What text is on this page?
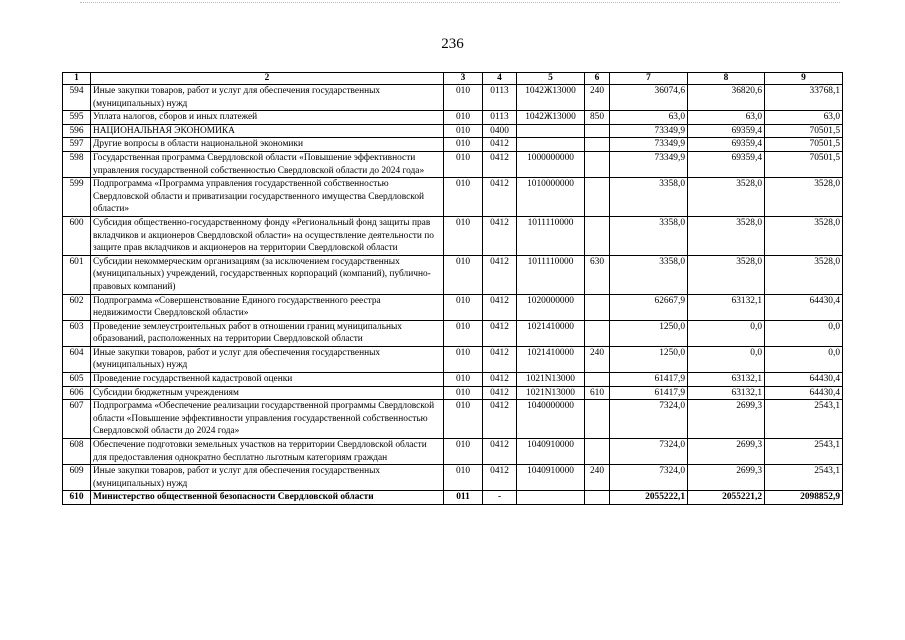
236
1	2	3	4	5	6	7	8	9
594	Иные закупки товаров, работ и услуг для обеспечения государственных (муниципальных) нужд	010	0113	1042Ж13000	240	36074,6	36820,6	33768,1
595	Уплата налогов, сборов и иных платежей	010	0113	1042Ж13000	850	63,0	63,0	63,0
596	НАЦИОНАЛЬНАЯ ЭКОНОМИКА	010	0400			73349,9	69359,4	70501,5
597	Другие вопросы в области национальной экономики	010	0412			73349,9	69359,4	70501,5
598	Государственная программа Свердловской области «Повышение эффективности управления государственной собственностью Свердловской области до 2024 года»	010	0412	1000000000		73349,9	69359,4	70501,5
599	Подпрограмма «Программа управления государственной собственностью Свердловской области и приватизации государственного имущества Свердловской области»	010	0412	1010000000		3358,0	3528,0	3528,0
600	Субсидия общественно-государственному фонду «Региональный фонд защиты прав вкладчиков и акционеров Свердловской области» на осуществление деятельности по защите прав вкладчиков и акционеров на территории Свердловской области	010	0412	1011110000		3358,0	3528,0	3528,0
601	Субсидии некоммерческим организациям (за исключением государственных (муниципальных) учреждений, государственных корпораций (компаний), публично-правовых компаний)	010	0412	1011110000	630	3358,0	3528,0	3528,0
602	Подпрограмма «Совершенствование Единого государственного реестра недвижимости Свердловской области»	010	0412	1020000000		62667,9	63132,1	64430,4
603	Проведение землеустроительных работ в отношении границ муниципальных образований, расположенных на территории Свердловской области	010	0412	1021410000		1250,0	0,0	0,0
604	Иные закупки товаров, работ и услуг для обеспечения государственных (муниципальных) нужд	010	0412	1021410000	240	1250,0	0,0	0,0
605	Проведение государственной кадастровой оценки	010	0412	1021N13000		61417,9	63132,1	64430,4
606	Субсидии бюджетным учреждениям	010	0412	1021N13000	610	61417,9	63132,1	64430,4
607	Подпрограмма «Обеспечение реализации государственной программы Свердловской области «Повышение эффективности управления государственной собственностью Свердловской области до 2024 года»	010	0412	1040000000		7324,0	2699,3	2543,1
608	Обеспечение подготовки земельных участков на территории Свердловской области для предоставления однократно бесплатно льготным категориям граждан	010	0412	1040910000		7324,0	2699,3	2543,1
609	Иные закупки товаров, работ и услуг для обеспечения государственных (муниципальных) нужд	010	0412	1040910000	240	7324,0	2699,3	2543,1
610	Министерство общественной безопасности Свердловской области	011	-			2055222,1	2055221,2	2098852,9
